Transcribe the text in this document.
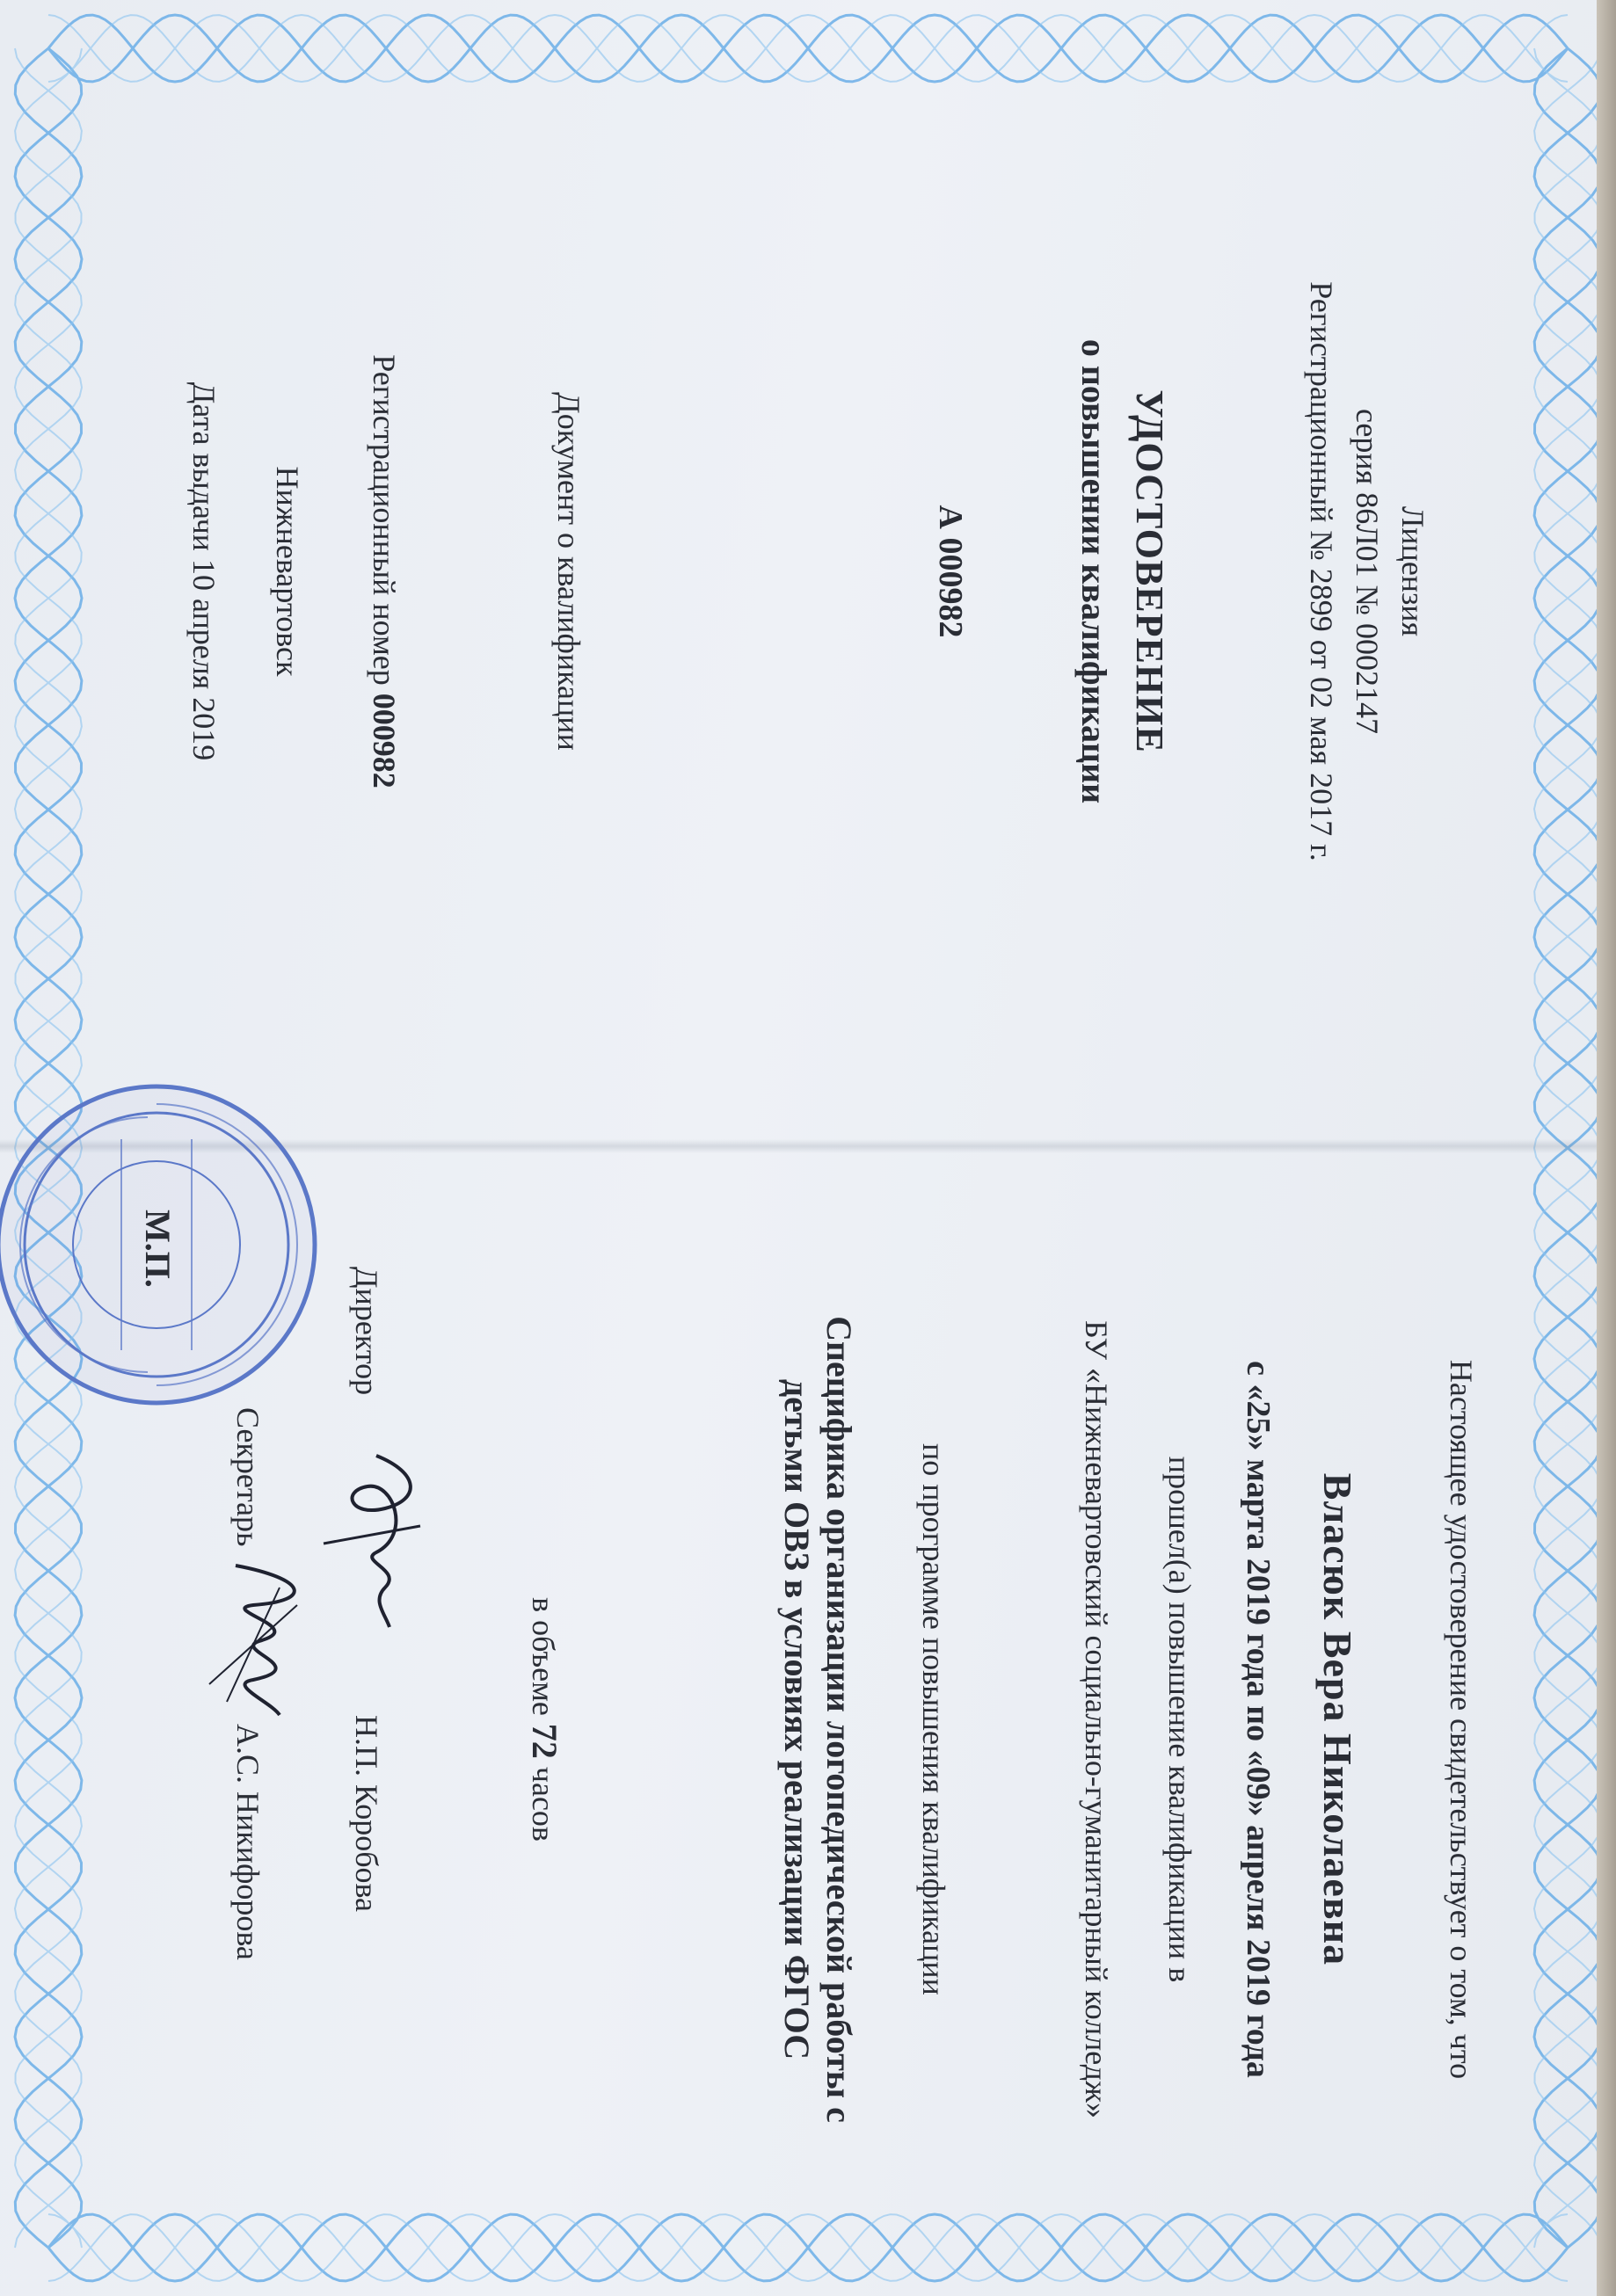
Лицензия
серия 86Л01 № 0002147
Регистрационный № 2899 от 02 мая 2017 г.
УДОСТОВЕРЕНИЕ
о повышении квалификации
А 000982
Документ о квалификации
Регистрационный номер 000982
Нижневартовск
Дата выдачи 10 апреля 2019
Настоящее удостоверение свидетельствует о том, что
Власюк Вера Николаевна
с «25» марта 2019 года по «09» апреля 2019 года
прошел(а) повышение квалификации в
БУ «Нижневартовский социально-гуманитарный колледж»
по программе повышения квалификации
Специфика организации логопедической работы с
детьми ОВЗ в условиях реализации ФГОС
в объеме 72 часов
Директор
Н.П. Коробова
М.П.
Секретарь
А.С. Никифорова
